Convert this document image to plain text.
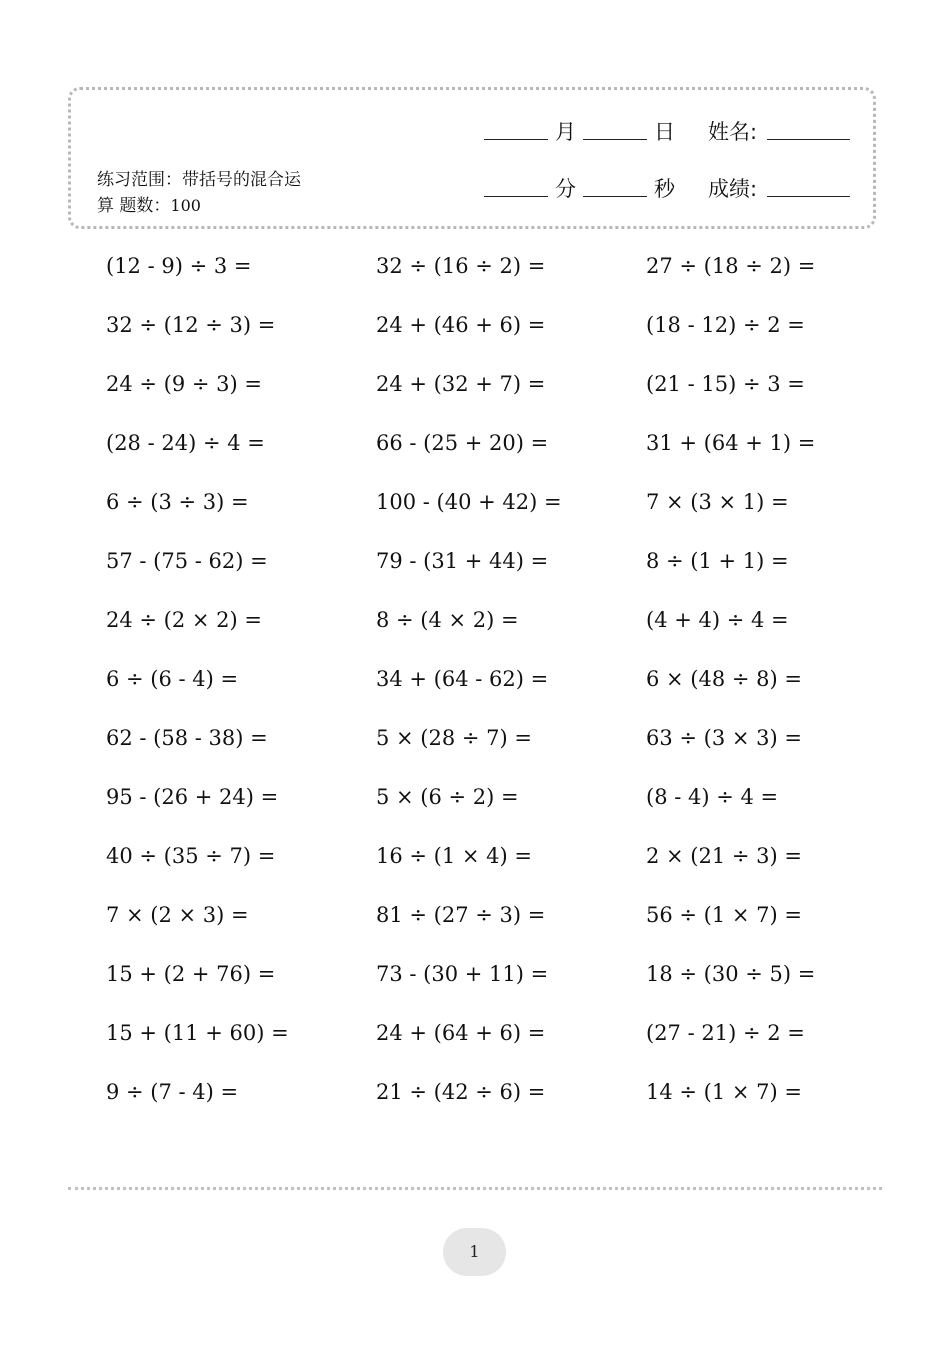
练习范围：带括号的混合运
算 题数：100
月	日 姓名:
分	秒 成绩:
(12 - 9) ÷ 3 =	32 ÷ (16 ÷ 2) =	27 ÷ (18 ÷ 2) =
32 ÷ (12 ÷ 3) =	24 + (46 + 6) =	(18 - 12) ÷ 2 =
24 ÷ (9 ÷ 3) =	24 + (32 + 7) =	(21 - 15) ÷ 3 =
(28 - 24) ÷ 4 =	66 - (25 + 20) =	31 + (64 + 1) =
6 ÷ (3 ÷ 3) =	100 - (40 + 42) =	7 × (3 × 1) =
57 - (75 - 62) =	79 - (31 + 44) =	8 ÷ (1 + 1) =
24 ÷ (2 × 2) =	8 ÷ (4 × 2) =	(4 + 4) ÷ 4 =
6 ÷ (6 - 4) =	34 + (64 - 62) =	6 × (48 ÷ 8) =
62 - (58 - 38) =	5 × (28 ÷ 7) =	63 ÷ (3 × 3) =
95 - (26 + 24) =	5 × (6 ÷ 2) =	(8 - 4) ÷ 4 =
40 ÷ (35 ÷ 7) =	16 ÷ (1 × 4) =	2 × (21 ÷ 3) =
7 × (2 × 3) =	81 ÷ (27 ÷ 3) =	56 ÷ (1 × 7) =
15 + (2 + 76) =	73 - (30 + 11) =	18 ÷ (30 ÷ 5) =
15 + (11 + 60) =	24 + (64 + 6) =	(27 - 21) ÷ 2 =
9 ÷ (7 - 4) =	21 ÷ (42 ÷ 6) =	14 ÷ (1 × 7) =
1
